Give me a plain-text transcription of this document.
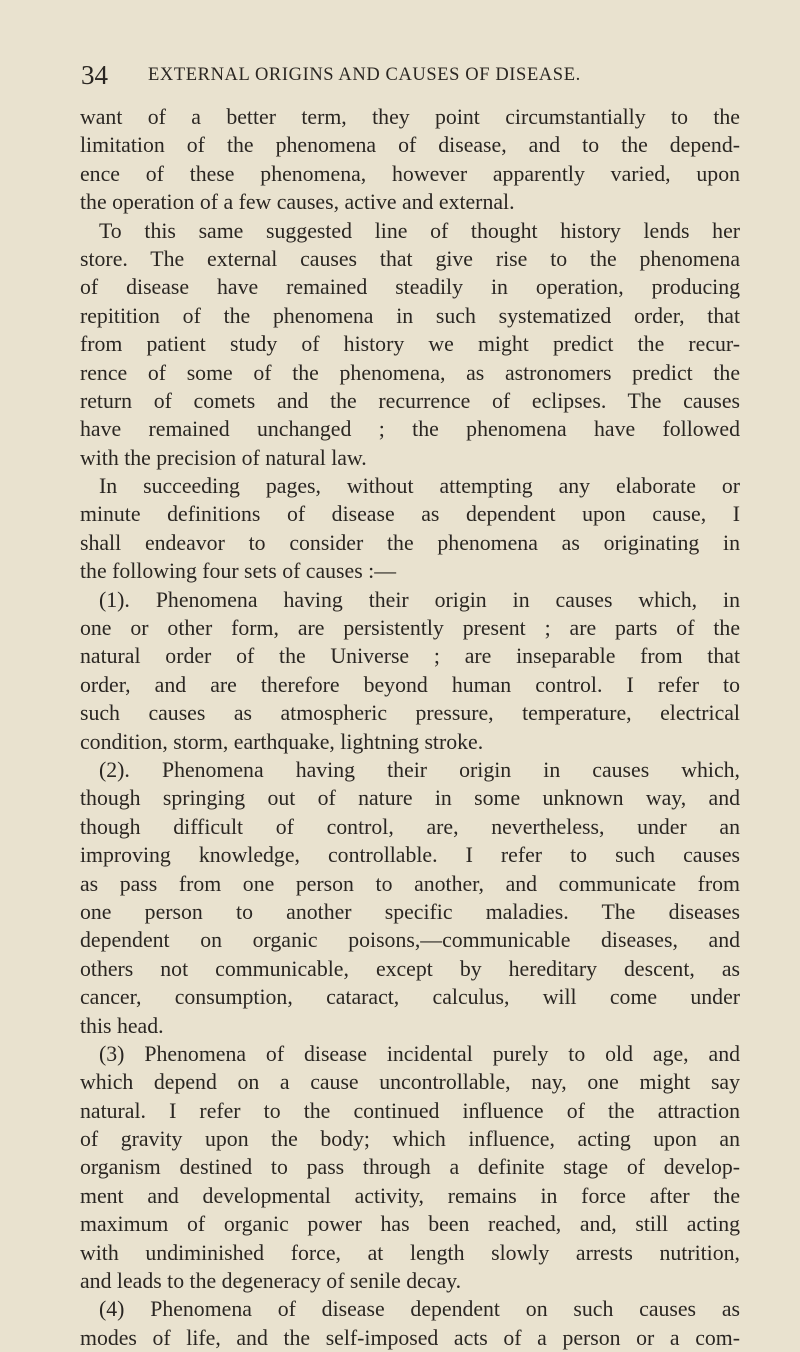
34 EXTERNAL ORIGINS AND CAUSES OF DISEASE.
want of a better term, they point circumstantially to the
limitation of the phenomena of disease, and to the depend-
ence of these phenomena, however apparently varied, upon
the operation of a few causes, active and external.
To this same suggested line of thought history lends her
store. The external causes that give rise to the phenomena
of disease have remained steadily in operation, producing
repitition of the phenomena in such systematized order, that
from patient study of history we might predict the recur-
rence of some of the phenomena, as astronomers predict the
return of comets and the recurrence of eclipses. The causes
have remained unchanged ; the phenomena have followed
with the precision of natural law.
In succeeding pages, without attempting any elaborate or
minute definitions of disease as dependent upon cause, I
shall endeavor to consider the phenomena as originating in
the following four sets of causes :—
(1). Phenomena having their origin in causes which, in
one or other form, are persistently present ; are parts of the
natural order of the Universe ; are inseparable from that
order, and are therefore beyond human control. I refer to
such causes as atmospheric pressure, temperature, electrical
condition, storm, earthquake, lightning stroke.
(2). Phenomena having their origin in causes which,
though springing out of nature in some unknown way, and
though difficult of control, are, nevertheless, under an
improving knowledge, controllable. I refer to such causes
as pass from one person to another, and communicate from
one person to another specific maladies. The diseases
dependent on organic poisons,—communicable diseases, and
others not communicable, except by hereditary descent, as
cancer, consumption, cataract, calculus, will come under
this head.
(3) Phenomena of disease incidental purely to old age, and
which depend on a cause uncontrollable, nay, one might say
natural. I refer to the continued influence of the attraction
of gravity upon the body; which influence, acting upon an
organism destined to pass through a definite stage of develop-
ment and developmental activity, remains in force after the
maximum of organic power has been reached, and, still acting
with undiminished force, at length slowly arrests nutrition,
and leads to the degeneracy of senile decay.
(4) Phenomena of disease dependent on such causes as
modes of life, and the self-imposed acts of a person or a com-
